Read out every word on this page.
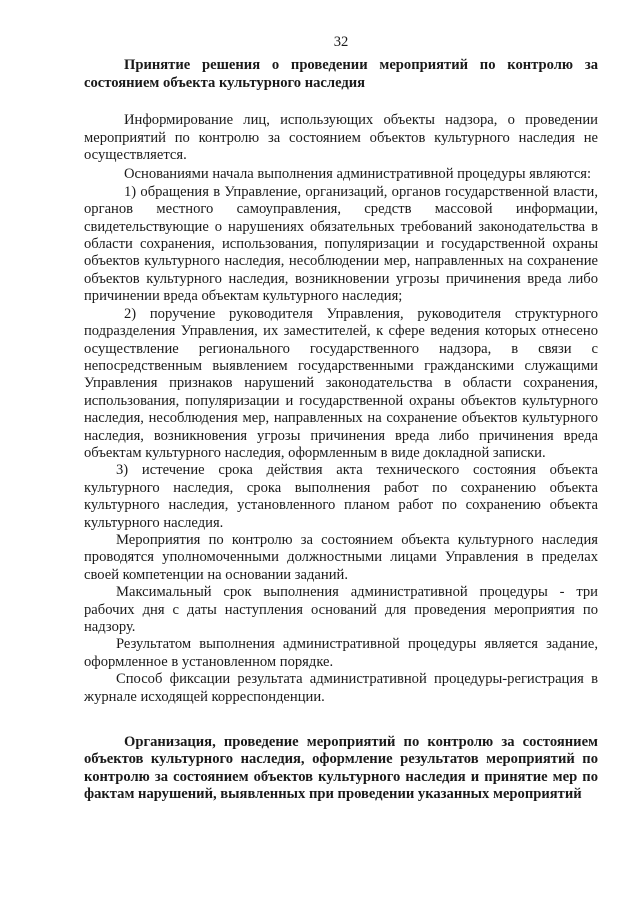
32
Принятие решения о проведении мероприятий по контролю за состоянием объекта культурного наследия

Информирование лиц, использующих объекты надзора, о проведении мероприятий по контролю за состоянием объектов культурного наследия не осуществляется.

Основаниями начала выполнения административной процедуры являются:

1) обращения в Управление, организаций, органов государственной власти, органов местного самоуправления, средств массовой информации, свидетельствующие о нарушениях обязательных требований законодательства в области сохранения, использования, популяризации и государственной охраны объектов культурного наследия, несоблюдении мер, направленных на сохранение объектов культурного наследия, возникновении угрозы причинения вреда либо причинении вреда объектам культурного наследия;

2) поручение руководителя Управления, руководителя структурного подразделения Управления, их заместителей, к сфере ведения которых отнесено осуществление регионального государственного надзора, в связи с непосредственным выявлением государственными гражданскими служащими Управления признаков нарушений законодательства в области сохранения, использования, популяризации и государственной охраны объектов культурного наследия, несоблюдения мер, направленных на сохранение объектов культурного наследия, возникновения угрозы причинения вреда либо причинения вреда объектам культурного наследия, оформленным в виде докладной записки.

3) истечение срока действия акта технического состояния объекта культурного наследия, срока выполнения работ по сохранению объекта культурного наследия, установленного планом работ по сохранению объекта культурного наследия.

Мероприятия по контролю за состоянием объекта культурного наследия проводятся уполномоченными должностными лицами Управления в пределах своей компетенции на основании заданий.

Максимальный срок выполнения административной процедуры - три рабочих дня с даты наступления оснований для проведения мероприятия по надзору.

Результатом выполнения административной процедуры является задание, оформленное в установленном порядке.

Способ фиксации результата административной процедуры-регистрация в журнале исходящей корреспонденции.

Организация, проведение мероприятий по контролю за состоянием объектов культурного наследия, оформление результатов мероприятий по контролю за состоянием объектов культурного наследия и принятие мер по фактам нарушений, выявленных при проведении указанных мероприятий
